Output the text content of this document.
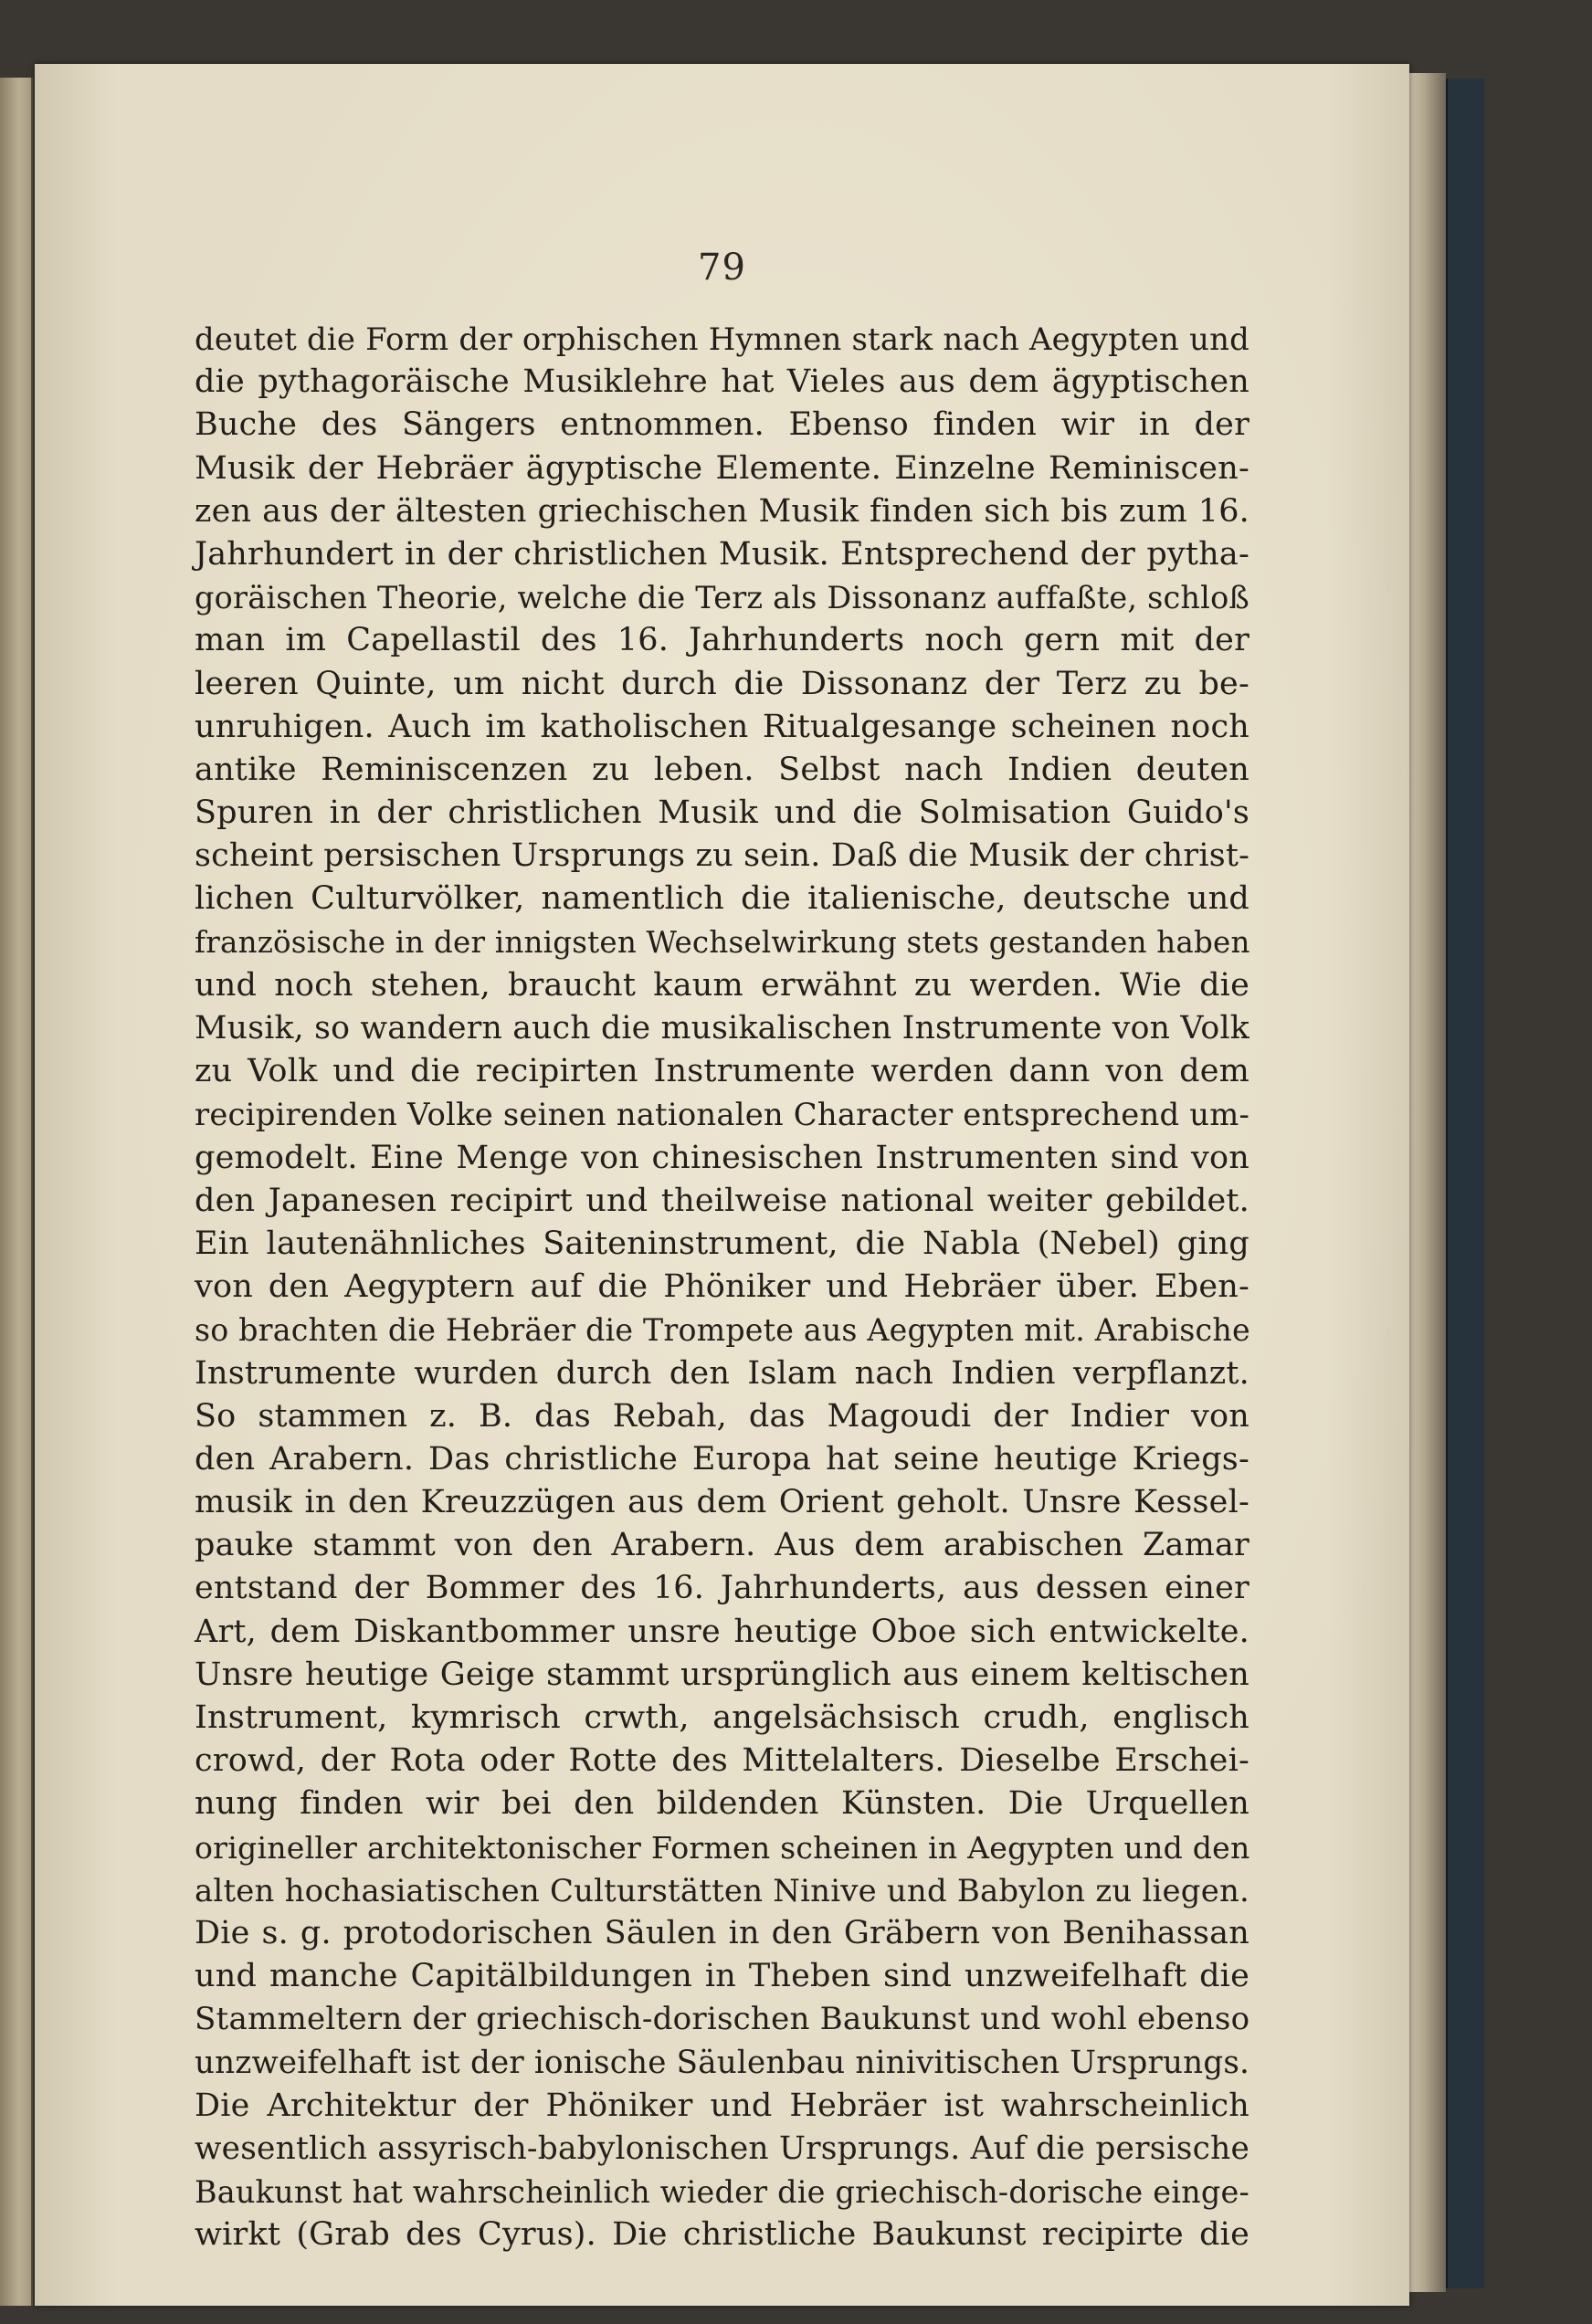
79
deutet die Form der orphischen Hymnen stark nach Aegypten und
die pythagoräische Musiklehre hat Vieles aus dem ägyptischen
Buche des Sängers entnommen. Ebenso finden wir in der
Musik der Hebräer ägyptische Elemente. Einzelne Reminiscen-
zen aus der ältesten griechischen Musik finden sich bis zum 16.
Jahrhundert in der christlichen Musik. Entsprechend der pytha-
goräischen Theorie, welche die Terz als Dissonanz auffaßte, schloß
man im Capellastil des 16. Jahrhunderts noch gern mit der
leeren Quinte, um nicht durch die Dissonanz der Terz zu be-
unruhigen. Auch im katholischen Ritualgesange scheinen noch
antike Reminiscenzen zu leben. Selbst nach Indien deuten
Spuren in der christlichen Musik und die Solmisation Guido's
scheint persischen Ursprungs zu sein. Daß die Musik der christ-
lichen Culturvölker, namentlich die italienische, deutsche und
französische in der innigsten Wechselwirkung stets gestanden haben
und noch stehen, braucht kaum erwähnt zu werden. Wie die
Musik, so wandern auch die musikalischen Instrumente von Volk
zu Volk und die recipirten Instrumente werden dann von dem
recipirenden Volke seinen nationalen Character entsprechend um-
gemodelt. Eine Menge von chinesischen Instrumenten sind von
den Japanesen recipirt und theilweise national weiter gebildet.
Ein lautenähnliches Saiteninstrument, die Nabla (Nebel) ging
von den Aegyptern auf die Phöniker und Hebräer über. Eben-
so brachten die Hebräer die Trompete aus Aegypten mit. Arabische
Instrumente wurden durch den Islam nach Indien verpflanzt.
So stammen z. B. das Rebah, das Magoudi der Indier von
den Arabern. Das christliche Europa hat seine heutige Kriegs-
musik in den Kreuzzügen aus dem Orient geholt. Unsre Kessel-
pauke stammt von den Arabern. Aus dem arabischen Zamar
entstand der Bommer des 16. Jahrhunderts, aus dessen einer
Art, dem Diskantbommer unsre heutige Oboe sich entwickelte.
Unsre heutige Geige stammt ursprünglich aus einem keltischen
Instrument, kymrisch crwth, angelsächsisch crudh, englisch
crowd, der Rota oder Rotte des Mittelalters. Dieselbe Erschei-
nung finden wir bei den bildenden Künsten. Die Urquellen
origineller architektonischer Formen scheinen in Aegypten und den
alten hochasiatischen Culturstätten Ninive und Babylon zu liegen.
Die s. g. protodorischen Säulen in den Gräbern von Benihassan
und manche Capitälbildungen in Theben sind unzweifelhaft die
Stammeltern der griechisch-dorischen Baukunst und wohl ebenso
unzweifelhaft ist der ionische Säulenbau ninivitischen Ursprungs.
Die Architektur der Phöniker und Hebräer ist wahrscheinlich
wesentlich assyrisch-babylonischen Ursprungs. Auf die persische
Baukunst hat wahrscheinlich wieder die griechisch-dorische einge-
wirkt (Grab des Cyrus). Die christliche Baukunst recipirte die
